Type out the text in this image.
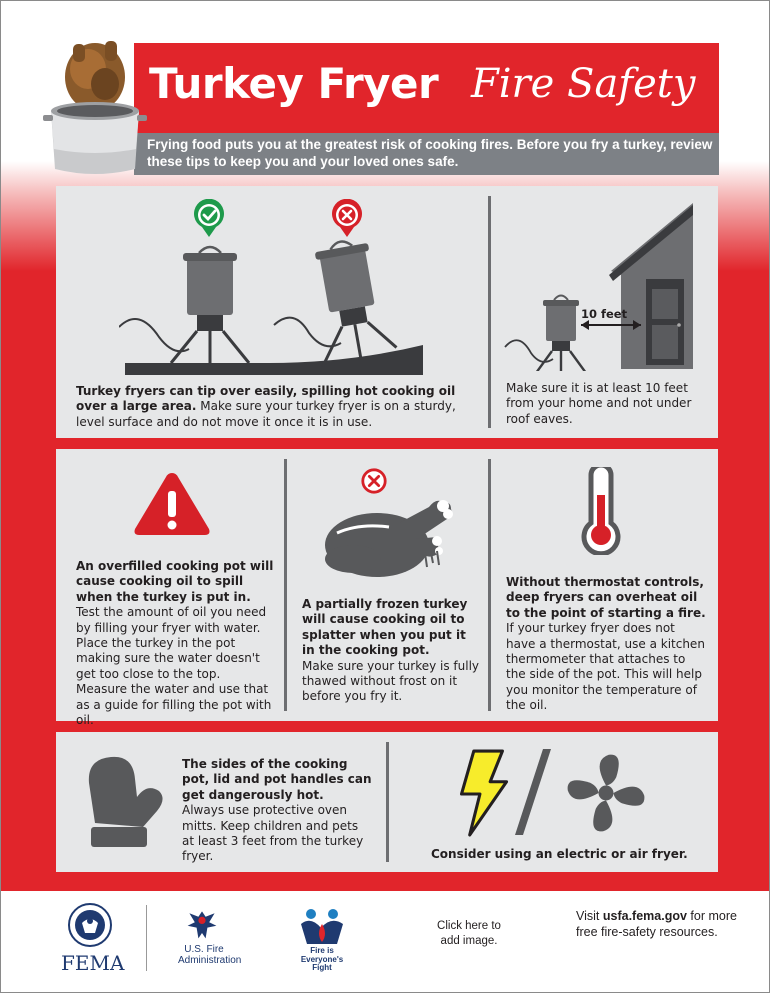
Turkey Fryer Fire Safety
Frying food puts you at the greatest risk of cooking fires. Before you fry a turkey, review these tips to keep you and your loved ones safe.
Turkey fryers can tip over easily, spilling hot cooking oil over a large area. Make sure your turkey fryer is on a sturdy, level surface and do not move it once it is in use.
10 feet
Make sure it is at least 10 feet from your home and not under roof eaves.
An overfilled cooking pot will cause cooking oil to spill when the turkey is put in.
Test the amount of oil you need by filling your fryer with water. Place the turkey in the pot making sure the water doesn't get too close to the top. Measure the water and use that as a guide for filling the pot with oil.
A partially frozen turkey will cause cooking oil to splatter when you put it in the cooking pot.
Make sure your turkey is fully thawed without frost on it before you fry it.
Without thermostat controls, deep fryers can overheat oil to the point of starting a fire.
If your turkey fryer does not have a thermostat, use a kitchen thermometer that attaches to the side of the pot. This will help you monitor the temperature of the oil.
The sides of the cooking pot, lid and pot handles can get dangerously hot.
Always use protective oven mitts. Keep children and pets at least 3 feet from the turkey fryer.	Consider using an electric or air fryer.
FEMA
U.S. Fire
Administration
Fire is
Everyone's
Fight
Click here to
add image.
Visit usfa.fema.gov for more free fire-safety resources.
